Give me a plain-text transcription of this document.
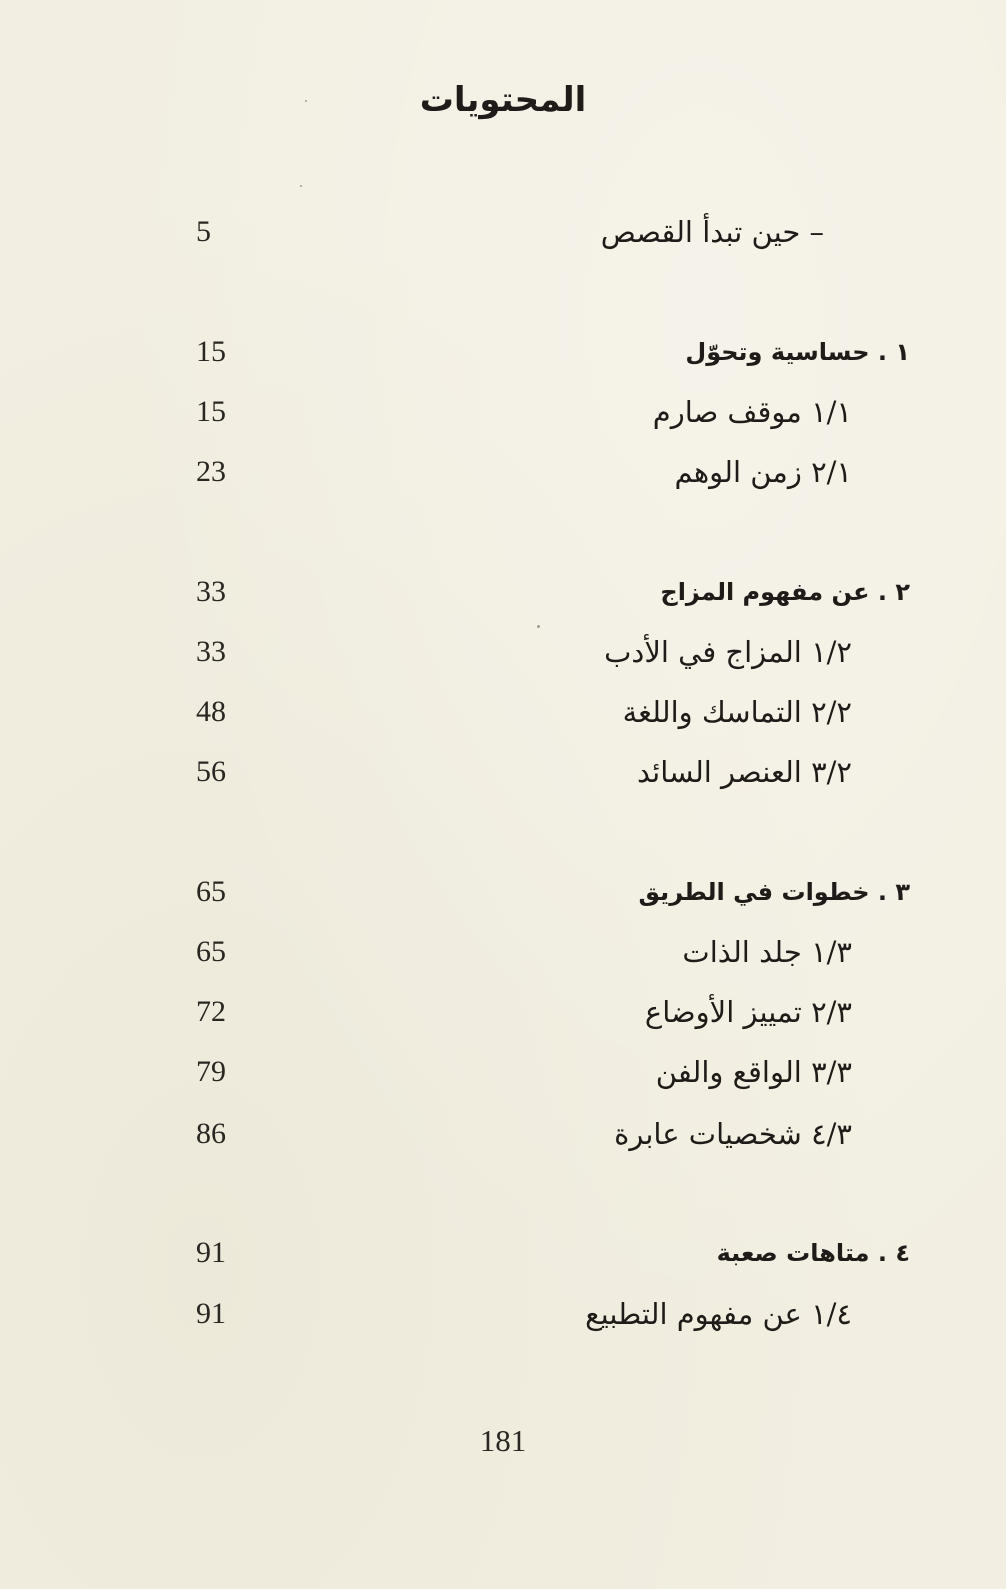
المحتويات
– حين تبدأ القصص
5
١ . حساسية وتحوّل
15
١/١ موقف صارم
15
٢/١ زمن الوهم
23
٢ . عن مفهوم المزاج
33
١/٢ المزاج في الأدب
33
٢/٢ التماسك واللغة
48
٣/٢ العنصر السائد
56
٣ . خطوات في الطريق
65
١/٣ جلد الذات
65
٢/٣ تمييز الأوضاع
72
٣/٣ الواقع والفن
79
٤/٣ شخصيات عابرة
86
٤ . متاهات صعبة
91
١/٤ عن مفهوم التطبيع
91
181
